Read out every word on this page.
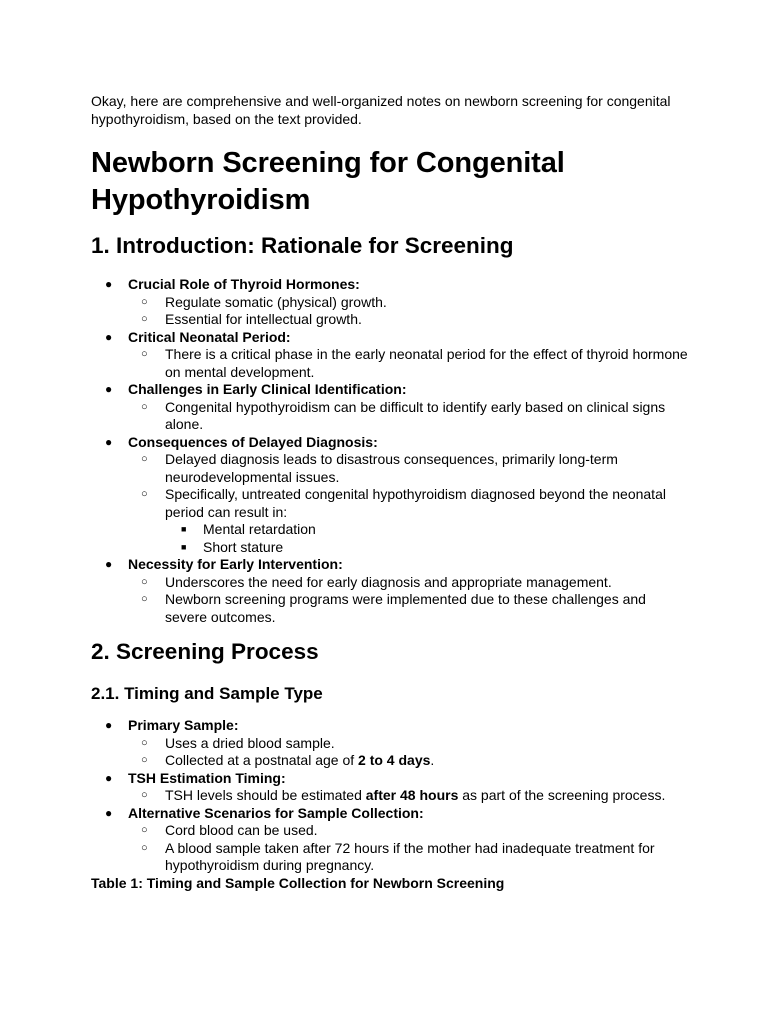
Okay, here are comprehensive and well-organized notes on newborn screening for congenital hypothyroidism, based on the text provided.

Newborn Screening for Congenital Hypothyroidism
1. Introduction: Rationale for Screening
● Crucial Role of Thyroid Hormones:
○ Regulate somatic (physical) growth.
○ Essential for intellectual growth.
● Critical Neonatal Period:
○ There is a critical phase in the early neonatal period for the effect of thyroid hormone on mental development.
● Challenges in Early Clinical Identification:
○ Congenital hypothyroidism can be difficult to identify early based on clinical signs alone.
● Consequences of Delayed Diagnosis:
○ Delayed diagnosis leads to disastrous consequences, primarily long-term neurodevelopmental issues.
○ Specifically, untreated congenital hypothyroidism diagnosed beyond the neonatal period can result in:
■ Mental retardation
■ Short stature
● Necessity for Early Intervention:
○ Underscores the need for early diagnosis and appropriate management.
○ Newborn screening programs were implemented due to these challenges and severe outcomes.
2. Screening Process
2.1. Timing and Sample Type
● Primary Sample:
○ Uses a dried blood sample.
○ Collected at a postnatal age of 2 to 4 days.
● TSH Estimation Timing:
○ TSH levels should be estimated after 48 hours as part of the screening process.
● Alternative Scenarios for Sample Collection:
○ Cord blood can be used.
○ A blood sample taken after 72 hours if the mother had inadequate treatment for hypothyroidism during pregnancy.

Table 1: Timing and Sample Collection for Newborn Screening
